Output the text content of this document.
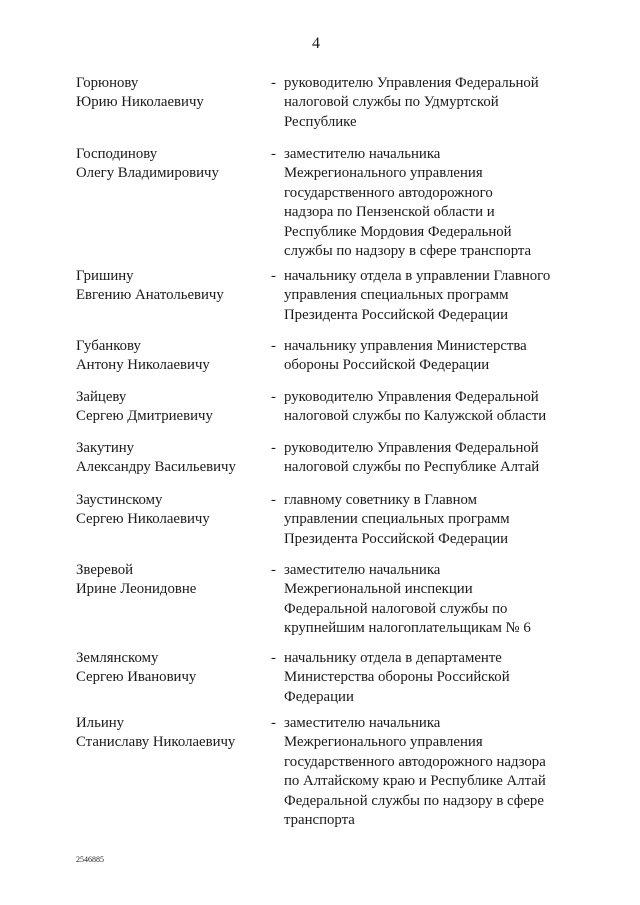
4
Горюнову
Юрию Николаевичу
- руководителю Управления Федеральной
налоговой службы по Удмуртской
Республике
Господинову
Олегу Владимировичу
- заместителю начальника
Межрегионального управления
государственного автодорожного
надзора по Пензенской области и
Республике Мордовия Федеральной
службы по надзору в сфере транспорта
Гришину
Евгению Анатольевичу
- начальнику отдела в управлении Главного
управления специальных программ
Президента Российской Федерации
Губанкову
Антону Николаевичу
- начальнику управления Министерства
обороны Российской Федерации
Зайцеву
Сергею Дмитриевичу
- руководителю Управления Федеральной
налоговой службы по Калужской области
Закутину
Александру Васильевичу
- руководителю Управления Федеральной
налоговой службы по Республике Алтай
Заустинскому
Сергею Николаевичу
- главному советнику в Главном
управлении специальных программ
Президента Российской Федерации
Зверевой
Ирине Леонидовне
- заместителю начальника
Межрегиональной инспекции
Федеральной налоговой службы по
крупнейшим налогоплательщикам № 6
Землянскому
Сергею Ивановичу
- начальнику отдела в департаменте
Министерства обороны Российской
Федерации
Ильину
Станиславу Николаевичу
- заместителю начальника
Межрегионального управления
государственного автодорожного надзора
по Алтайскому краю и Республике Алтай
Федеральной службы по надзору в сфере
транспорта
2546885
